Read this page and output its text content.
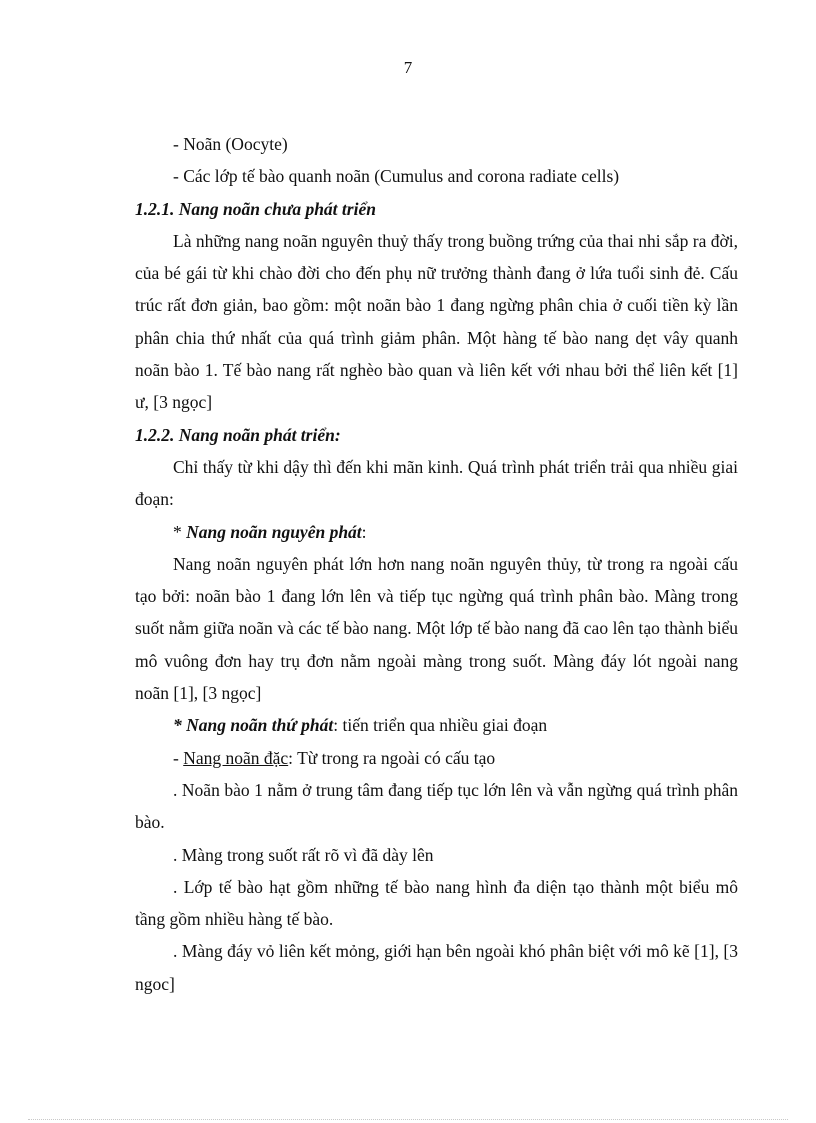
7

- Noãn (Oocyte)

- Các lớp tế bào quanh noãn (Cumulus and corona radiate cells)

1.2.1. Nang noãn chưa phát triển

Là những nang noãn nguyên thuỷ thấy trong buồng trứng của thai nhi sắp ra đời, của bé gái từ khi chào đời cho đến phụ nữ trưởng thành đang ở lứa tuổi sinh đẻ. Cấu trúc rất đơn giản, bao gồm: một noãn bào 1 đang ngừng phân chia ở cuối tiền kỳ lần phân chia thứ nhất của quá trình giảm phân. Một hàng tế bào nang dẹt vây quanh noãn bào 1. Tế bào nang rất nghèo bào quan và liên kết với nhau bởi thể liên kết [1] ư, [3 ngọc]

1.2.2. Nang noãn phát triển:

Chỉ thấy từ khi dậy thì đến khi mãn kinh. Quá trình phát triển trải qua nhiều giai đoạn:

* Nang noãn nguyên phát:

Nang noãn nguyên phát lớn hơn nang noãn nguyên thủy, từ trong ra ngoài cấu tạo bởi: noãn bào 1 đang lớn lên và tiếp tục ngừng quá trình phân bào. Màng trong suốt nằm giữa noãn và các tế bào nang. Một lớp tế bào nang đã cao lên tạo thành biểu mô vuông đơn hay trụ đơn nằm ngoài màng trong suốt. Màng đáy lót ngoài nang noãn [1], [3 ngọc]

* Nang noãn thứ phát: tiến triển qua nhiều giai đoạn

- Nang noãn đặc: Từ trong ra ngoài có cấu tạo

. Noãn bào 1 nằm ở trung tâm đang tiếp tục lớn lên và vẫn ngừng quá trình phân bào.

. Màng trong suốt rất rõ vì đã dày lên

. Lớp tế bào hạt gồm những tế bào nang hình đa diện tạo thành một biểu mô tầng gồm nhiều hàng tế bào.

. Màng đáy vỏ liên kết mỏng, giới hạn bên ngoài khó phân biệt với mô kẽ [1], [3 ngoc]
